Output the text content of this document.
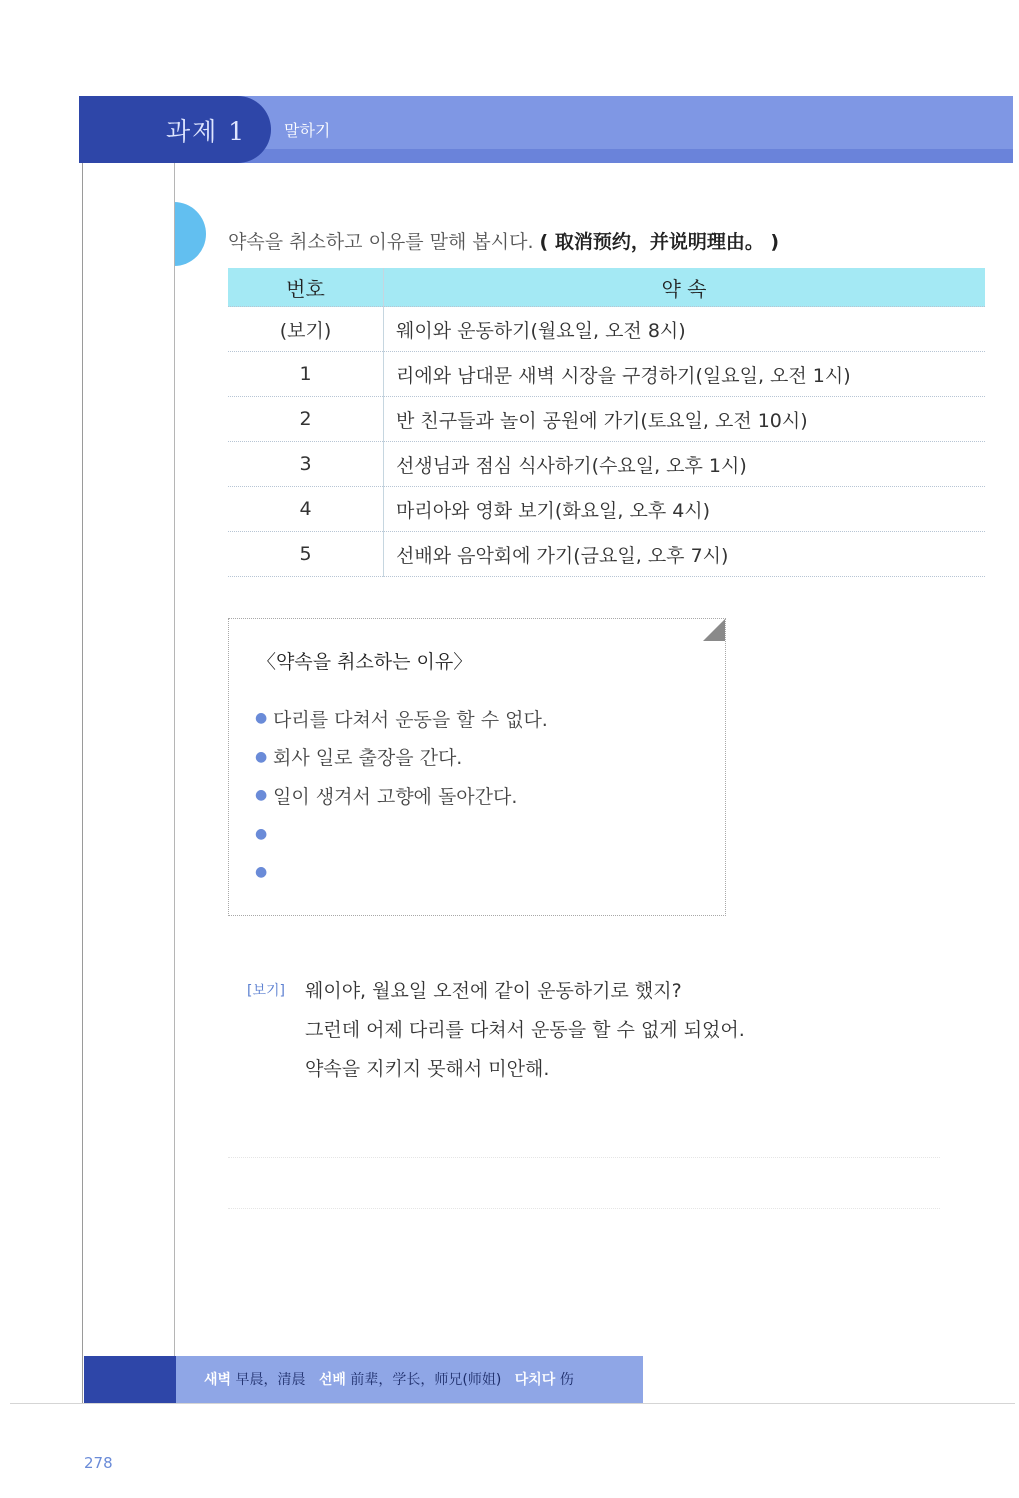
과제 1 말하기
약속을 취소하고 이유를 말해 봅시다. ( 取消预约，并说明理由。 )
번호	약 속
(보기)	웨이와 운동하기(월요일, 오전 8시)
1	리에와 남대문 새벽 시장을 구경하기(일요일, 오전 1시)
2	반 친구들과 놀이 공원에 가기(토요일, 오전 10시)
3	선생님과 점심 식사하기(수요일, 오후 1시)
4	마리아와 영화 보기(화요일, 오후 4시)
5	선배와 음악회에 가기(금요일, 오후 7시)
〈약속을 취소하는 이유〉
● 다리를 다쳐서 운동을 할 수 없다.
● 회사 일로 출장을 간다.
● 일이 생겨서 고향에 돌아간다.
●
●
[보기] 웨이야, 월요일 오전에 같이 운동하기로 했지?
그런데 어제 다리를 다쳐서 운동을 할 수 없게 되었어.
약속을 지키지 못해서 미안해.
새벽 早晨，清晨 선배 前辈，学长，师兄(师姐) 다치다 伤
278
